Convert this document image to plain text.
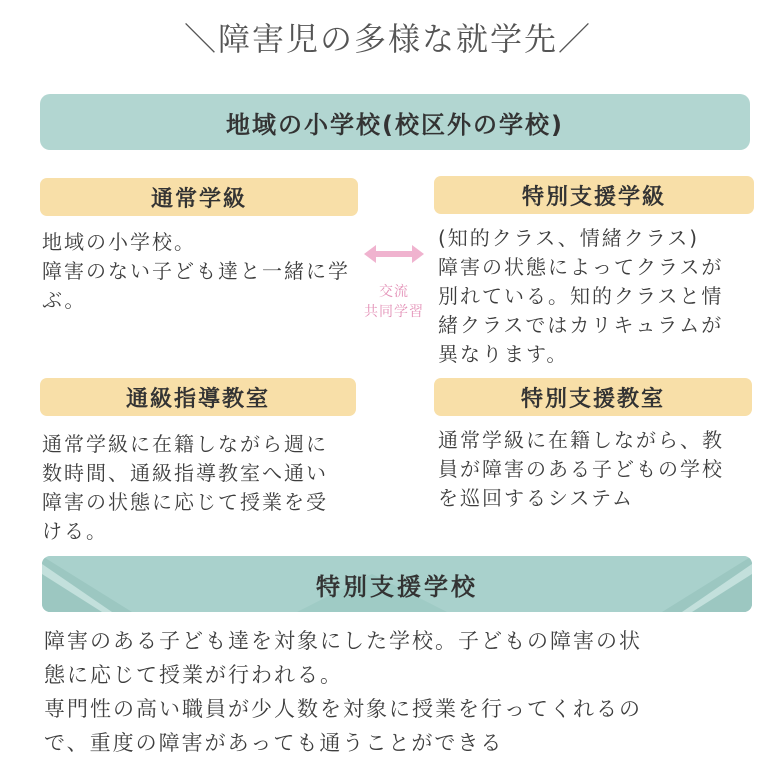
＼障害児の多様な就学先／
地域の小学校(校区外の学校)
通常学級
地域の小学校。
障害のない子ども達と一緒に学
ぶ。	交流
共同学習
特別支援学級
(知的クラス、情緒クラス)
障害の状態によってクラスが
別れている。知的クラスと情
緒クラスではカリキュラムが
異なります。
通級指導教室
通常学級に在籍しながら週に
数時間、通級指導教室へ通い
障害の状態に応じて授業を受
ける。
特別支援教室
通常学級に在籍しながら、教
員が障害のある子どもの学校
を巡回するシステム
特別支援学校
障害のある子ども達を対象にした学校。子どもの障害の状
態に応じて授業が行われる。
専門性の高い職員が少人数を対象に授業を行ってくれるの
で、重度の障害があっても通うことができる
